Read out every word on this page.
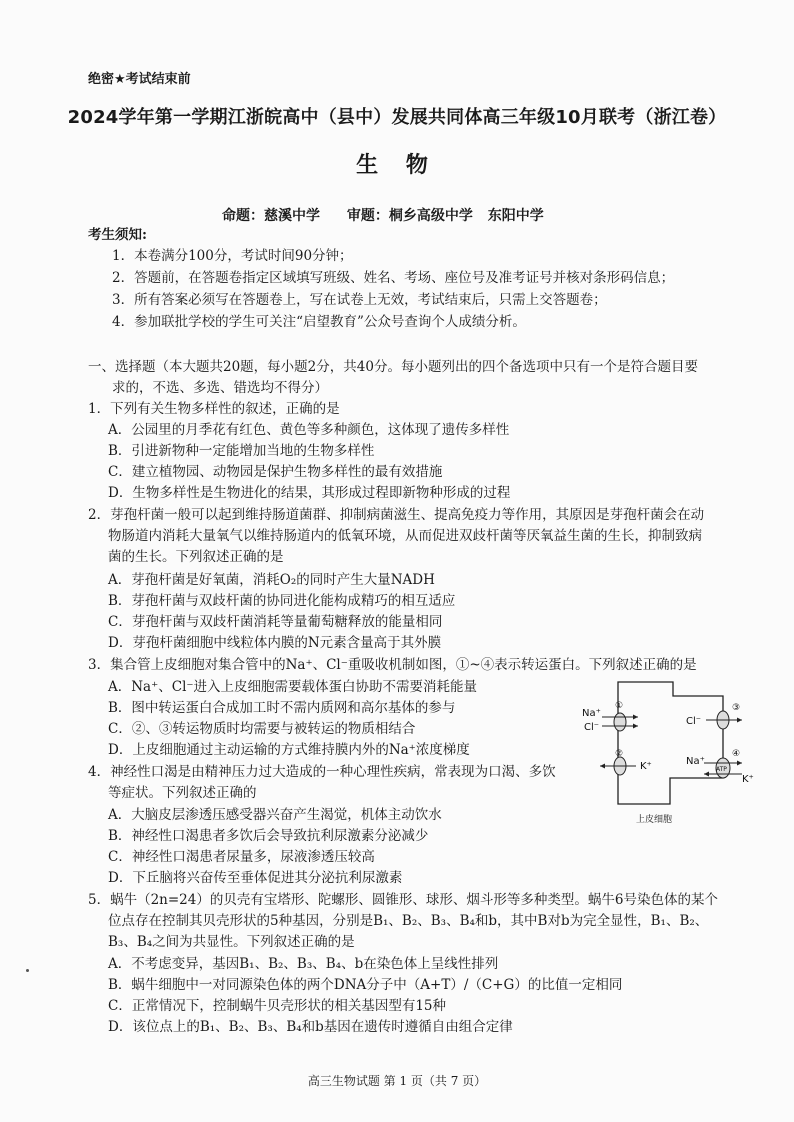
绝密★考试结束前
2024学年第一学期江浙皖高中（县中）发展共同体高三年级10月联考（浙江卷）
生 物
命题：慈溪中学 审题：桐乡高级中学 东阳中学
考生须知:
1．本卷满分100分，考试时间90分钟；
2．答题前，在答题卷指定区域填写班级、姓名、考场、座位号及准考证号并核对条形码信息；
3．所有答案必须写在答题卷上，写在试卷上无效，考试结束后，只需上交答题卷；
4．参加联批学校的学生可关注“启望教育”公众号查询个人成绩分析。
一、选择题（本大题共20题，每小题2分，共40分。每小题列出的四个备选项中只有一个是符合题目要
求的，不选、多选、错选均不得分）
1．下列有关生物多样性的叙述，正确的是
A．公园里的月季花有红色、黄色等多种颜色，这体现了遗传多样性
B．引进新物种一定能增加当地的生物多样性
C．建立植物园、动物园是保护生物多样性的最有效措施
D．生物多样性是生物进化的结果，其形成过程即新物种形成的过程
2．芽孢杆菌一般可以起到维持肠道菌群、抑制病菌滋生、提高免疫力等作用，其原因是芽孢杆菌会在动
物肠道内消耗大量氧气以维持肠道内的低氧环境，从而促进双歧杆菌等厌氧益生菌的生长，抑制致病
菌的生长。下列叙述正确的是
A．芽孢杆菌是好氧菌，消耗O₂的同时产生大量NADH
B．芽孢杆菌与双歧杆菌的协同进化能构成精巧的相互适应
C．芽孢杆菌与双歧杆菌消耗等量葡萄糖释放的能量相同
D．芽孢杆菌细胞中线粒体内膜的N元素含量高于其外膜
3．集合管上皮细胞对集合管中的Na⁺、Cl⁻重吸收机制如图，①~④表示转运蛋白。下列叙述正确的是
A．Na⁺、Cl⁻进入上皮细胞需要载体蛋白协助不需要消耗能量
B．图中转运蛋白合成加工时不需内质网和高尔基体的参与
C．②、③转运物质时均需要与被转运的物质相结合
D．上皮细胞通过主动运输的方式维持膜内外的Na⁺浓度梯度
4．神经性口渴是由精神压力过大造成的一种心理性疾病，常表现为口渴、多饮
等症状。下列叙述正确的
A．大脑皮层渗透压感受器兴奋产生渴觉，机体主动饮水
B．神经性口渴患者多饮后会导致抗利尿激素分泌减少
C．神经性口渴患者尿量多，尿液渗透压较高
D．下丘脑将兴奋传至垂体促进其分泌抗利尿激素
5．蜗牛（2n=24）的贝壳有宝塔形、陀螺形、圆锥形、球形、烟斗形等多种类型。蜗牛6号染色体的某个
位点存在控制其贝壳形状的5种基因，分别是B₁、B₂、B₃、B₄和b，其中B对b为完全显性，B₁、B₂、
B₃、B₄之间为共显性。下列叙述正确的是
A．不考虑变异，基因B₁、B₂、B₃、B₄、b在染色体上呈线性排列
B．蜗牛细胞中一对同源染色体的两个DNA分子中（A+T）/（C+G）的比值一定相同
C．正常情况下，控制蜗牛贝壳形状的相关基因型有15种
D．该位点上的B₁、B₂、B₃、B₄和b基因在遗传时遵循自由组合定律
Na⁺
Cl⁻
①
②
K⁺
Cl⁻
③
Na⁺
④
ATP
K⁺
上皮细胞
高三生物试题 第 1 页（共 7 页）
